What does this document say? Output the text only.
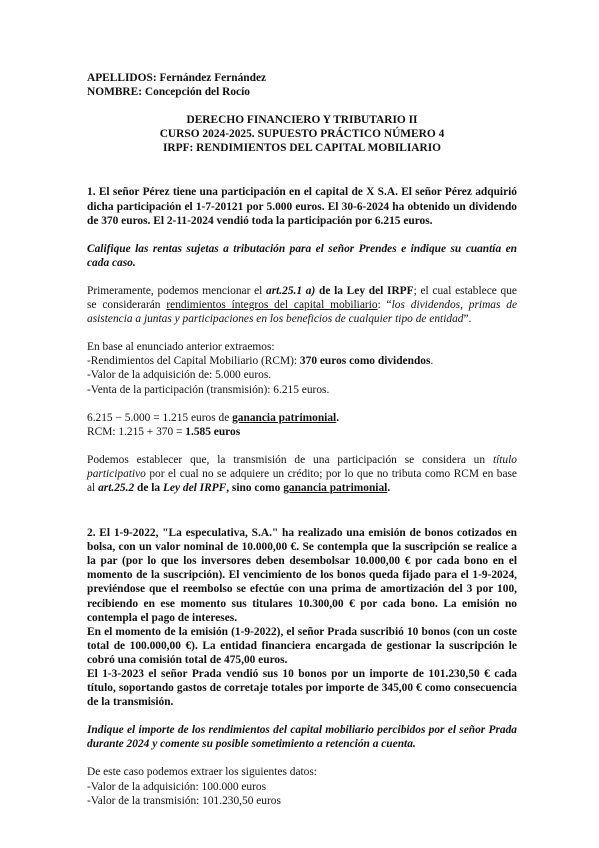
APELLIDOS: Fernández Fernández

NOMBRE: Concepción del Rocío

DERECHO FINANCIERO Y TRIBUTARIO II

CURSO 2024-2025. SUPUESTO PRÁCTICO NÚMERO 4

IRPF: RENDIMIENTOS DEL CAPITAL MOBILIARIO

1. El señor Pérez tiene una participación en el capital de X S.A. El señor Pérez adquirió dicha participación el 1-7-20121 por 5.000 euros. El 30-6-2024 ha obtenido un dividendo de 370 euros. El 2-11-2024 vendió toda la participación por 6.215 euros.

Califique las rentas sujetas a tributación para el señor Prendes e indique su cuantía en cada caso.

Primeramente, podemos mencionar el art.25.1 a) de la Ley del IRPF; el cual establece que se considerarán rendimientos íntegros del capital mobiliario: “los dividendos, primas de asistencia a juntas y participaciones en los beneficios de cualquier tipo de entidad”.

En base al enunciado anterior extraemos:

-Rendimientos del Capital Mobiliario (RCM): 370 euros como dividendos.

-Valor de la adquisición de: 5.000 euros.

-Venta de la participación (transmisión): 6.215 euros.

6.215 − 5.000 = 1.215 euros de ganancia patrimonial.

RCM: 1.215 + 370 = 1.585 euros

Podemos establecer que, la transmisión de una participación se considera un título participativo por el cual no se adquiere un crédito; por lo que no tributa como RCM en base al art.25.2 de la Ley del IRPF, sino como ganancia patrimonial.

2. El 1-9-2022, "La especulativa, S.A." ha realizado una emisión de bonos cotizados en bolsa, con un valor nominal de 10.000,00 €. Se contempla que la suscripción se realice a la par (por lo que los inversores deben desembolsar 10.000,00 € por cada bono en el momento de la suscripción). El vencimiento de los bonos queda fijado para el 1-9-2024, previéndose que el reembolso se efectúe con una prima de amortización del 3 por 100, recibiendo en ese momento sus titulares 10.300,00 € por cada bono. La emisión no contempla el pago de intereses.

En el momento de la emisión (1-9-2022), el señor Prada suscribió 10 bonos (con un coste total de 100.000,00 €). La entidad financiera encargada de gestionar la suscripción le cobró una comisión total de 475,00 euros.

El 1-3-2023 el señor Prada vendió sus 10 bonos por un importe de 101.230,50 € cada título, soportando gastos de corretaje totales por importe de 345,00 € como consecuencia de la transmisión.

Indique el importe de los rendimientos del capital mobiliario percibidos por el señor Prada durante 2024 y comente su posible sometimiento a retención a cuenta.

De este caso podemos extraer los siguientes datos:

-Valor de la adquisición: 100.000 euros

-Valor de la transmisión: 101.230,50 euros
